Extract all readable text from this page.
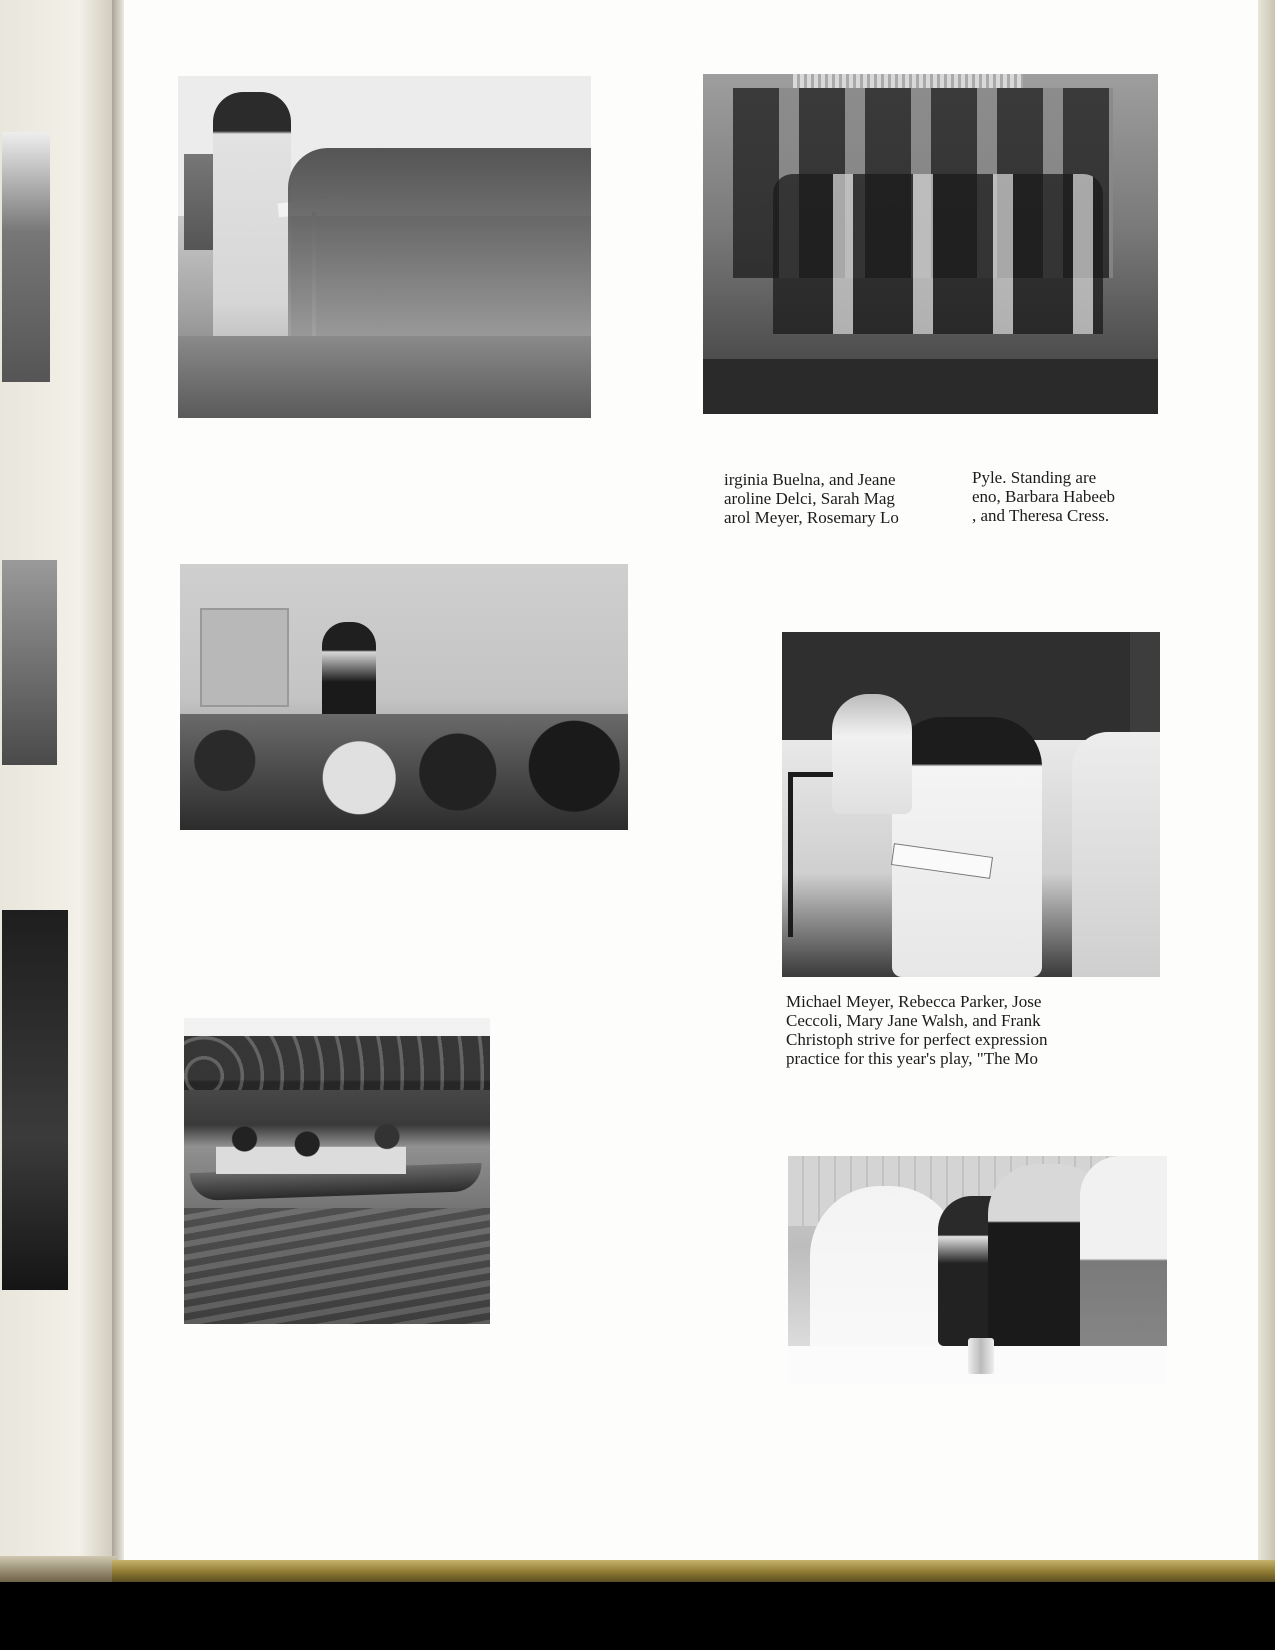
irginia Buelna, and Jeane
aroline Delci, Sarah Mag
arol Meyer, Rosemary Lo

Pyle. Standing are
eno, Barbara Habeeb
, and Theresa Cress.

Michael Meyer, Rebecca Parker, Jose
Ceccoli, Mary Jane Walsh, and Frank
Christoph strive for perfect expression
practice for this year's play, "The Mo
